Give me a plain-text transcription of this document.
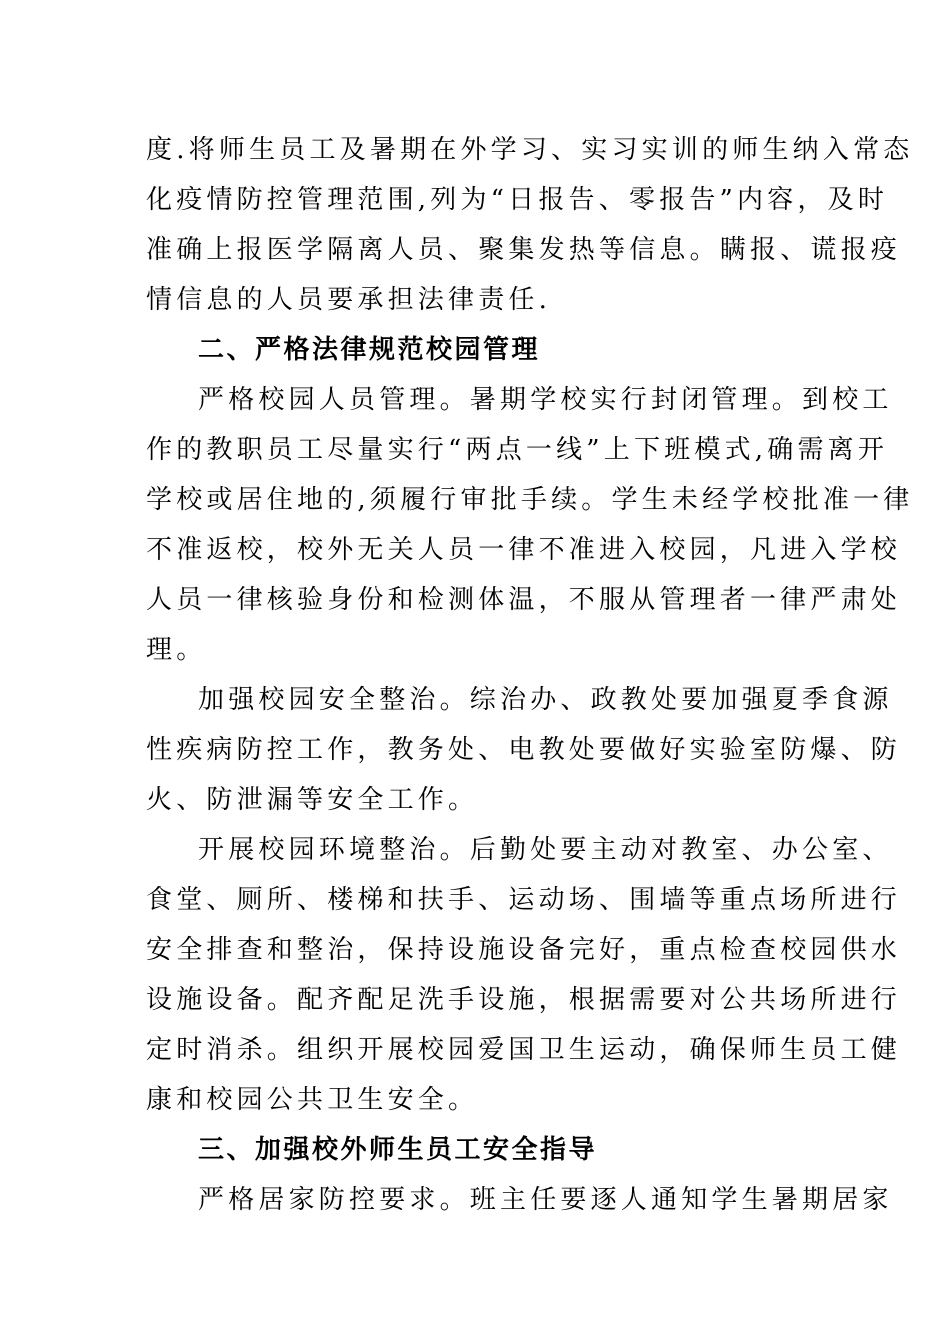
度.将师生员工及暑期在外学习、实习实训的师生纳入常态
化疫情防控管理范围,列为“日报告、零报告”内容，及时
准确上报医学隔离人员、聚集发热等信息。瞒报、谎报疫
情信息的人员要承担法律责任.
二、严格法律规范校园管理
严格校园人员管理。暑期学校实行封闭管理。到校工
作的教职员工尽量实行“两点一线”上下班模式,确需离开
学校或居住地的,须履行审批手续。学生未经学校批准一律
不准返校，校外无关人员一律不准进入校园，凡进入学校
人员一律核验身份和检测体温，不服从管理者一律严肃处
理。
加强校园安全整治。综治办、政教处要加强夏季食源
性疾病防控工作，教务处、电教处要做好实验室防爆、防
火、防泄漏等安全工作。
开展校园环境整治。后勤处要主动对教室、办公室、
食堂、厕所、楼梯和扶手、运动场、围墙等重点场所进行
安全排查和整治，保持设施设备完好，重点检查校园供水
设施设备。配齐配足洗手设施，根据需要对公共场所进行
定时消杀。组织开展校园爱国卫生运动，确保师生员工健
康和校园公共卫生安全。
三、加强校外师生员工安全指导
严格居家防控要求。班主任要逐人通知学生暑期居家
